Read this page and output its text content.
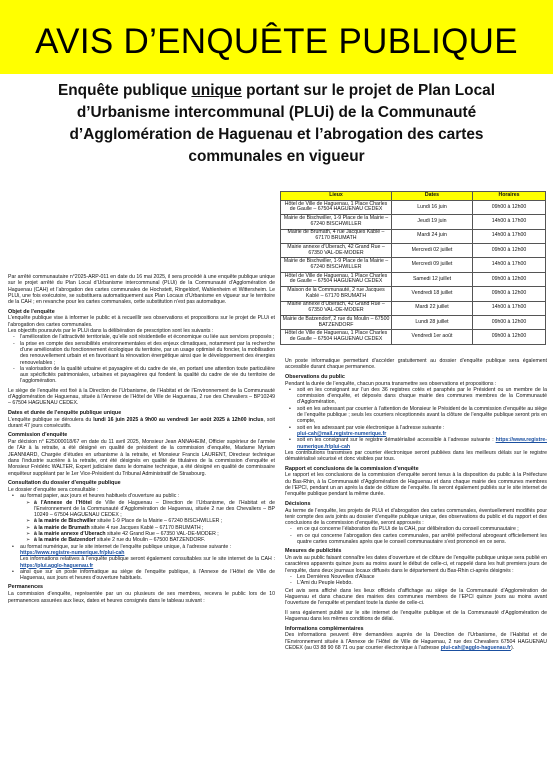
AVIS D’ENQUÊTE PUBLIQUE
Enquête publique unique portant sur le projet de Plan Local d’Urbanisme intercommunal (PLUi) de la Communauté d’Agglomération de Haguenau et l’abrogation des cartes communales en vigueur
Lieux	Dates	Horaires
Hôtel de Ville de Haguenau, 1 Place Charles de Gaulle – 67504 HAGUENAU CEDEX	Lundi 16 juin	09h00 à 12h00
Mairie de Bischwiller, 1-9 Place de la Mairie – 67240 BISCHWILLER	Jeudi 19 juin	14h00 à 17h00
Mairie de Brumath, 4 rue Jacques Kablé – 67170 BRUMATH	Mardi 24 juin	14h00 à 17h00
Mairie annexe d’Uberach, 42 Grand Rue – 67350 VAL-DE-MODER	Mercredi 02 juillet	09h00 à 12h00
Mairie de Bischwiller, 1-9 Place de la Mairie – 67240 BISCHWILLER	Mercredi 09 juillet	14h00 à 17h00
Hôtel de Ville de Haguenau, 1 Place Charles de Gaulle – 67504 HAGUENAU CEDEX	Samedi 12 juillet	09h00 à 12h00
Maison de la Communauté, 2 rue Jacques Kablé – 67170 BRUMATH	Vendredi 18 juillet	09h00 à 12h00
Mairie annexe d’Uberach, 42 Grand Rue – 67350 VAL-DE-MODER	Mardi 22 juillet	14h00 à 17h00
Mairie de Batzendorf, 2 rue du Moulin – 67500 BATZENDORF	Lundi 28 juillet	09h00 à 12h00
Hôtel de Ville de Haguenau, 1 Place Charles de Gaulle – 67504 HAGUENAU CEDEX	Vendredi 1er août	09h00 à 12h00

Par arrêté communautaire n°2025-ARP-011 en date du 16 mai 2025, il sera procédé à une enquête publique unique sur le projet arrêté du Plan Local d’Urbanisme intercommunal (PLUi) de la Communauté d’Agglomération de Haguenau (CAH) et l’abrogation des cartes communales de Hochstett, Ringeldorf, Wahlenheim et Wittersheim. Le PLUi, une fois exécutoire, se substituera automatiquement aux Plan Locaux d’Urbanisme en vigueur sur le territoire de la CAH ; en revanche pour les cartes communales, cette substitution n’est pas automatique.

Objet de l’enquête

L’enquête publique vise à informer le public et à recueillir ses observations et propositions sur le projet de PLUi et l’abrogation des cartes communales.

Les objectifs poursuivis par le PLUi dans la délibération de prescription sont les suivants :

- l’amélioration de l’attractivité territoriale, qu’elle soit résidentielle et économique ou liée aux services proposés ;
- la prise en compte des sensibilités environnementales et des enjeux climatiques, notamment par la recherche d’une amélioration du fonctionnement écologique du territoire, par un usage optimisé du foncier, la mobilisation des renouvellement urbain et en favorisant la rénovation énergétique ainsi que le développement des énergies renouvelables ;
- la valorisation de la qualité urbaine et paysagère et du cadre de vie, en portant une attention toute particulière aux spécificités patrimoniales, urbaines et paysagères qui fondent la qualité du cadre de vie du territoire de l’agglomération.

Le siège de l’enquête est fixé à la Direction de l’Urbanisme, de l’Habitat et de l’Environnement de la Communauté d’Agglomération de Haguenau, située à l’Annexe de l’Hôtel de Ville de Haguenau, 2 rue des Chevaliers – BP10249 – 67504 HAGUENAU CEDEX.

Dates et durée de l’enquête publique unique

L’enquête publique se déroulera du lundi 16 juin 2025 à 9h00 au vendredi 1er août 2025 à 12h00 inclus, soit durant 47 jours consécutifs.

Commission d’enquête

Par décision n° E25000018/67 en date du 11 avril 2025, Monsieur Jean ANNAHEIM, Officier supérieur de l’armée de l’Air à la retraite, a été désigné en qualité de président de la commission d’enquête, Madame Myriam JEANNIARD, Chargée d’études en urbanisme à la retraite, et Monsieur Francis LAURENT, Directeur technique dans l’industrie sucrière à la retraite, ont été désignés en qualité de titulaires de la commission d’enquête et Monsieur Frédéric WALTER, Expert judiciaire dans le domaine technique, a été désigné en qualité de commissaire enquêteur suppléant par le 1er Vice-Président du Tribunal Administratif de Strasbourg.

Consultation du dossier d’enquête publique

Le dossier d’enquête sera consultable :

• au format papier, aux jours et heures habituels d’ouverture au public :
➢ à l’Annexe de l’Hôtel de Ville de Haguenau – Direction de l’Urbanisme, de l’Habitat et de l’Environnement de la Communauté d’Agglomération de Haguenau, située 2 rue des Chevaliers – BP 10249 – 67504 HAGUENAU CEDEX ;
➢ à la mairie de Bischwiller située 1-9 Place de la Mairie – 67240 BISCHWILLER ;
➢ à la mairie de Brumath située 4 rue Jacques Kablé – 67170 BRUMATH ;
➢ à la mairie annexe d’Uberach située 42 Grand Rue – 67350 VAL-DE-MODER ;
➢ à la mairie de Batzendorf située 2 rue du Moulin – 67500 BATZENDORF.
• au format numérique, sur le site internet de l’enquête publique unique, à l’adresse suivante :
https://www.registre-numerique.fr/plui-cah
Les informations relatives à l’enquête publique seront également consultables sur le site internet de la CAH : https://plui.agglo-haguenau.fr
• ainsi que sur un poste informatique au siège de l’enquête publique, à l’Annexe de l’Hôtel de Ville de Haguenau, aux jours et heures d’ouverture habituels.
Permanences

La commission d’enquête, représentée par un ou plusieurs de ses membres, recevra le public lors de 10 permanences assurées aux lieux, dates et heures consignés dans le tableau suivant :

Un poste informatique permettant d’accéder gratuitement au dossier d’enquête publique sera également accessible durant chaque permanence.

Observations du public

Pendant la durée de l’enquête, chacun pourra transmettre ses observations et propositions :

• soit en les consignant sur l’un des 36 registres cotés et paraphés par le Président ou un membre de la commission d’enquête, et déposés dans chaque mairie des communes membres de la Communauté d’Agglomération,
• soit en les adressant par courrier à l’attention de Monsieur le Président de la commission d’enquête au siège de l’enquête publique ; seuls les courriers réceptionnés avant la clôture de l’enquête publique seront pris en compte,
• soit en les adressant par voie électronique à l’adresse suivante :
plui-cah@mail.registre-numerique.fr
• soit en les consignant sur le registre dématérialisé accessible à l’adresse suivante : https://www.registre-numerique.fr/plui-cah

Les contributions transmises par courrier électronique seront publiées dans les meilleurs délais sur le registre dématérialisé sécurisé et donc visibles par tous.

Rapport et conclusions de la commission d’enquête

Le rapport et les conclusions de la commission d’enquête seront tenus à la disposition du public à la Préfecture du Bas-Rhin, à la Communauté d’Agglomération de Haguenau et dans chaque mairie des communes membres de l’EPCI, pendant un an après la date de clôture de l’enquête. Ils seront également publiés sur le site internet de l’enquête publique pendant la même durée.

Décisions

Au terme de l’enquête, les projets de PLUi et d’abrogation des cartes communales, éventuellement modifiés pour tenir compte des avis joints au dossier d’enquête publique unique, des observations du public et du rapport et des conclusions de la commission d’enquête, seront approuvés :

- en ce qui concerne l’élaboration du PLUi de la CAH, par délibération du conseil communautaire ;
- en ce qui concerne l’abrogation des cartes communales, par arrêté préfectoral abrogeant officiellement les quatre cartes communales après que le conseil communautaire s’est prononcé en ce sens.
Mesures de publicités

Un avis au public faisant connaître les dates d’ouverture et de clôture de l’enquête publique unique sera publié en caractères apparents quinze jours au moins avant le début de celle-ci, et rappelé dans les huit premiers jours de l’enquête, dans deux journaux locaux diffusés dans le département du Bas-Rhin ci-après désignés :

- Les Dernières Nouvelles d’Alsace
- L’Ami du Peuple Hebdo.

Cet avis sera affiché dans les lieux officiels d’affichage au siège de la Communauté d’Agglomération de Haguenau et dans chacune des mairies des communes membres de l’EPCI quinze jours au moins avant l’ouverture de l’enquête et pendant toute la durée de celle-ci.

Il sera également publié sur le site internet de l’enquête publique et de la Communauté d’Agglomération de Haguenau dans les mêmes conditions de délai.

Informations complémentaires

Des informations peuvent être demandées auprès de la Direction de l’Urbanisme, de l’Habitat et de l’Environnement située à l’Annexe de l’Hôtel de Ville de Haguenau, 2 rue des Chevaliers 67504 HAGUENAU CEDEX (au 03 88 90 68 71 ou par courrier électronique à l’adresse plui-cah@agglo-haguenau.fr).
